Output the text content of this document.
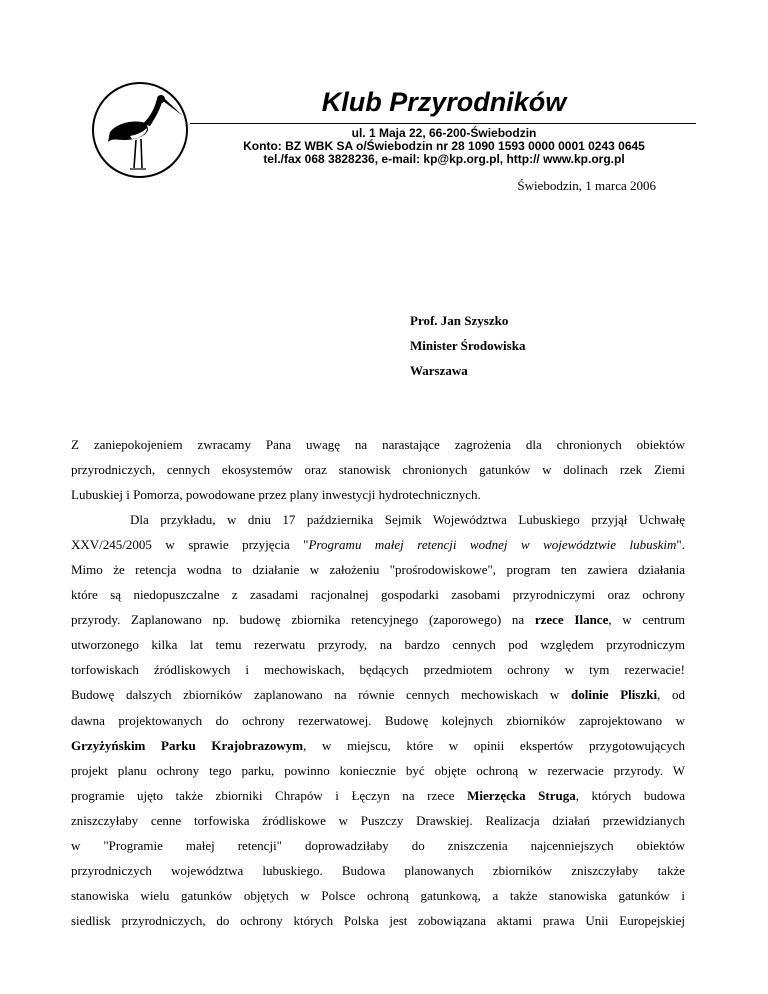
Klub Przyrodników
ul. 1 Maja 22, 66-200-Świebodzin
Konto: BZ WBK SA o/Świebodzin nr 28 1090 1593 0000 0001 0243 0645
tel./fax 068 3828236, e-mail: kp@kp.org.pl, http:// www.kp.org.pl
Świebodzin, 1 marca 2006
Prof. Jan Szyszko
Minister Środowiska
Warszawa

Z zaniepokojeniem zwracamy Pana uwagę na narastające zagrożenia dla chronionych obiektów
przyrodniczych, cennych ekosystemów oraz stanowisk chronionych gatunków w dolinach rzek Ziemi
Lubuskiej i Pomorza, powodowane przez plany inwestycji hydrotechnicznych.

Dla przykładu, w dniu 17 października Sejmik Województwa Lubuskiego przyjął Uchwałę
XXV/245/2005 w sprawie przyjęcia "Programu małej retencji wodnej w województwie lubuskim".
Mimo że retencja wodna to działanie w założeniu "prośrodowiskowe", program ten zawiera działania
które są niedopuszczalne z zasadami racjonalnej gospodarki zasobami przyrodniczymi oraz ochrony
przyrody. Zaplanowano np. budowę zbiornika retencyjnego (zaporowego) na rzece Ilance, w centrum
utworzonego kilka lat temu rezerwatu przyrody, na bardzo cennych pod względem przyrodniczym
torfowiskach źródliskowych i mechowiskach, będących przedmiotem ochrony w tym rezerwacie!
Budowę dalszych zbiorników zaplanowano na równie cennych mechowiskach w dolinie Pliszki, od
dawna projektowanych do ochrony rezerwatowej. Budowę kolejnych zbiorników zaprojektowano w
Grzyżyńskim Parku Krajobrazowym, w miejscu, które w opinii ekspertów przygotowujących
projekt planu ochrony tego parku, powinno koniecznie być objęte ochroną w rezerwacie przyrody. W
programie ujęto także zbiorniki Chrapów i Łęczyn na rzece Mierzęcka Struga, których budowa
zniszczyłaby cenne torfowiska źródliskowe w Puszczy Drawskiej. Realizacja działań przewidzianych
w "Programie małej retencji" doprowadziłaby do zniszczenia najcenniejszych obiektów
przyrodniczych województwa lubuskiego. Budowa planowanych zbiorników zniszczyłaby także
stanowiska wielu gatunków objętych w Polsce ochroną gatunkową, a także stanowiska gatunków i
siedlisk przyrodniczych, do ochrony których Polska jest zobowiązana aktami prawa Unii Europejskiej
